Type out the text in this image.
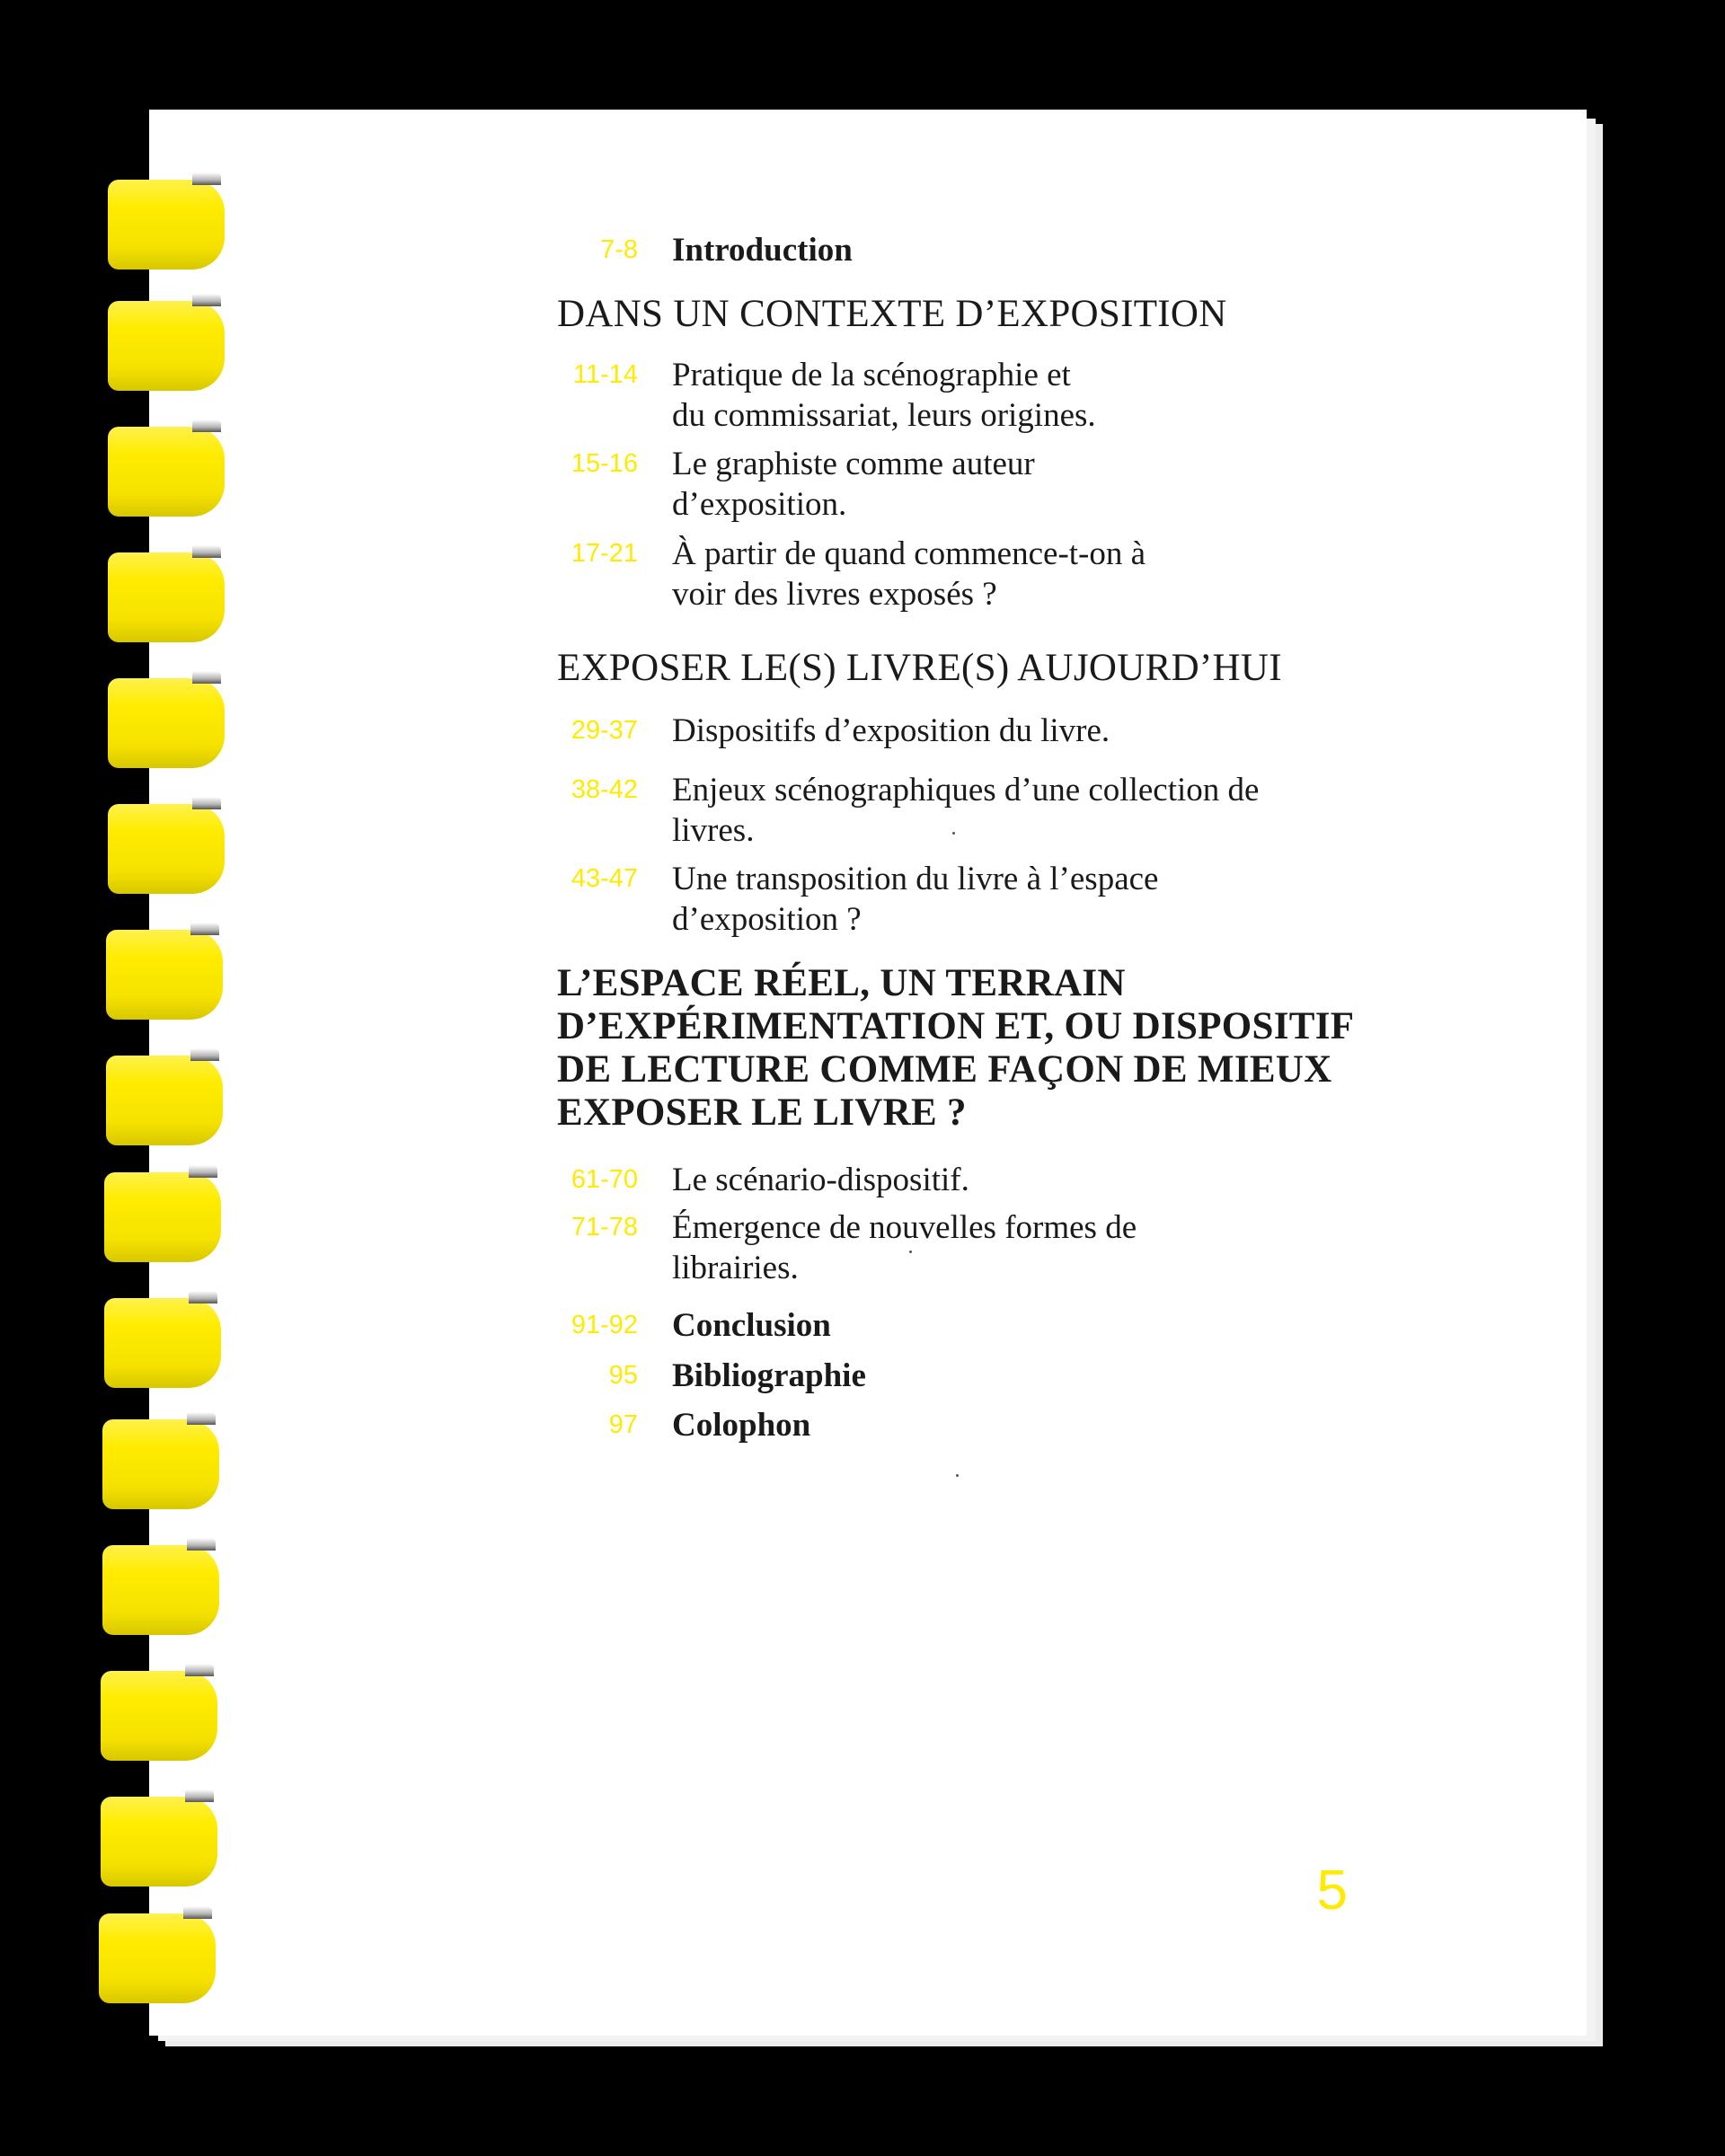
7-8 Introduction
DANS UN CONTEXTE D’EXPOSITION
11-14 Pratique de la scénographie et
du commissariat, leurs origines.
15-16 Le graphiste comme auteur
d’exposition.
17-21 À partir de quand commence-t-on à
voir des livres exposés ?
EXPOSER LE(S) LIVRE(S) AUJOURD’HUI
29-37 Dispositifs d’exposition du livre.
38-42 Enjeux scénographiques d’une collection de
livres.
43-47 Une transposition du livre à l’espace
d’exposition ?
L’ESPACE RÉEL, UN TERRAIN
D’EXPÉRIMENTATION ET, OU DISPOSITIF
DE LECTURE COMME FAÇON DE MIEUX
EXPOSER LE LIVRE ?
61-70 Le scénario-dispositif.
71-78 Émergence de nouvelles formes de
librairies.
91-92 Conclusion
95 Bibliographie
97 Colophon
5
